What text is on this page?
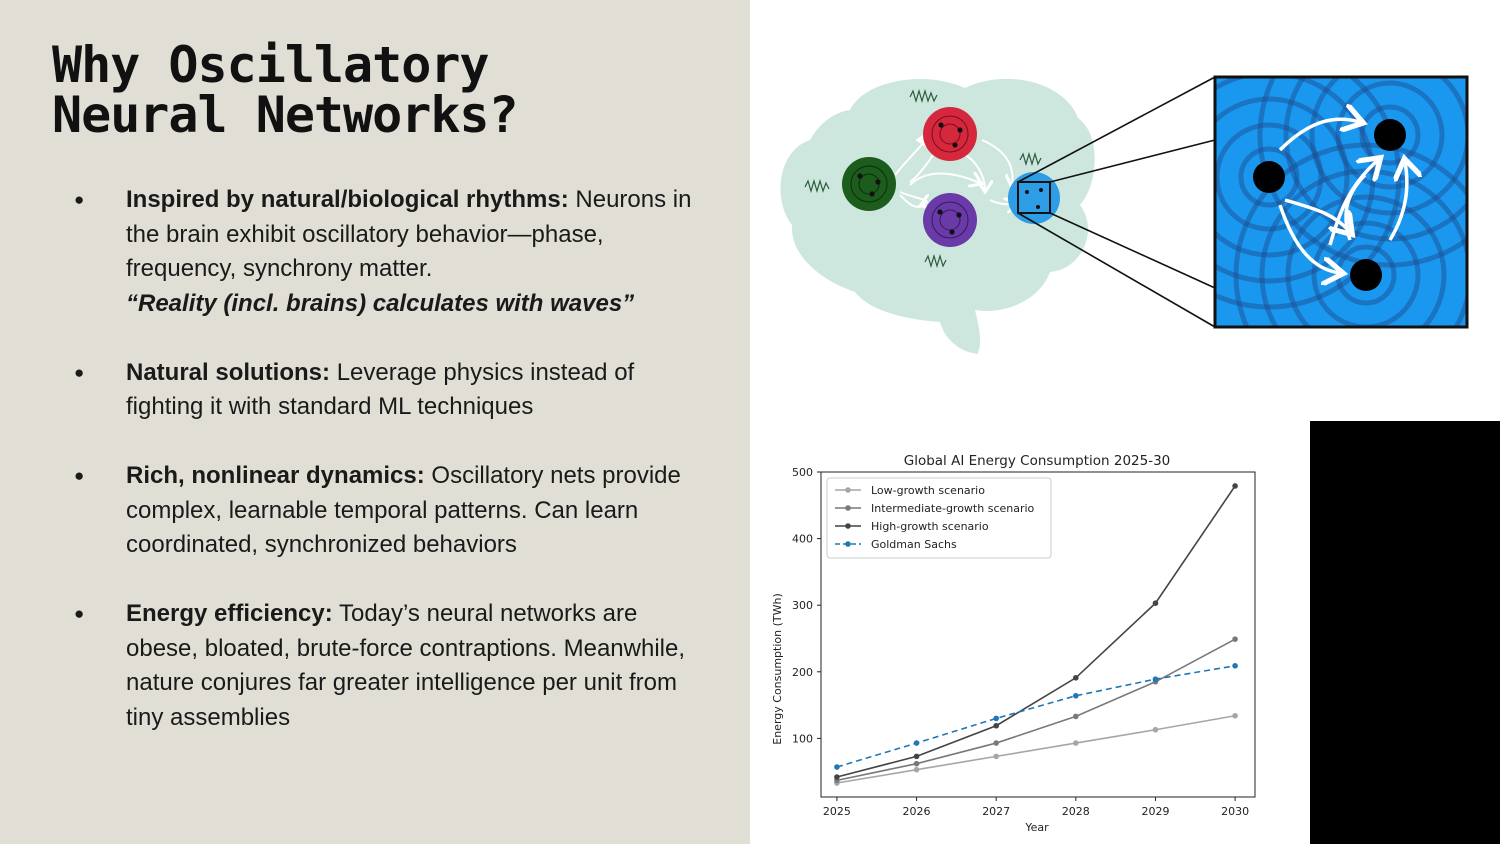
Why Oscillatory
Neural Networks?
● Inspired by natural/biological rhythms: Neurons in the brain exhibit oscillatory behavior—phase, frequency, synchrony matter.
“Reality (incl. brains) calculates with waves”
● Natural solutions: Leverage physics instead of fighting it with standard ML techniques
● Rich, nonlinear dynamics: Oscillatory nets provide complex, learnable temporal patterns. Can learn coordinated, synchronized behaviors
● Energy efficiency: Today’s neural networks are obese, bloated, brute-force contraptions. Meanwhile, nature conjures far greater intelligence per unit from tiny assemblies
Global AI Energy Consumption 2025-30
Energy Consumption (TWh)
Year
100
200
300
400
500
2025	2026	2027	2028	2029	2030
Low-growth scenario
Intermediate-growth scenario
High-growth scenario
Goldman Sachs
